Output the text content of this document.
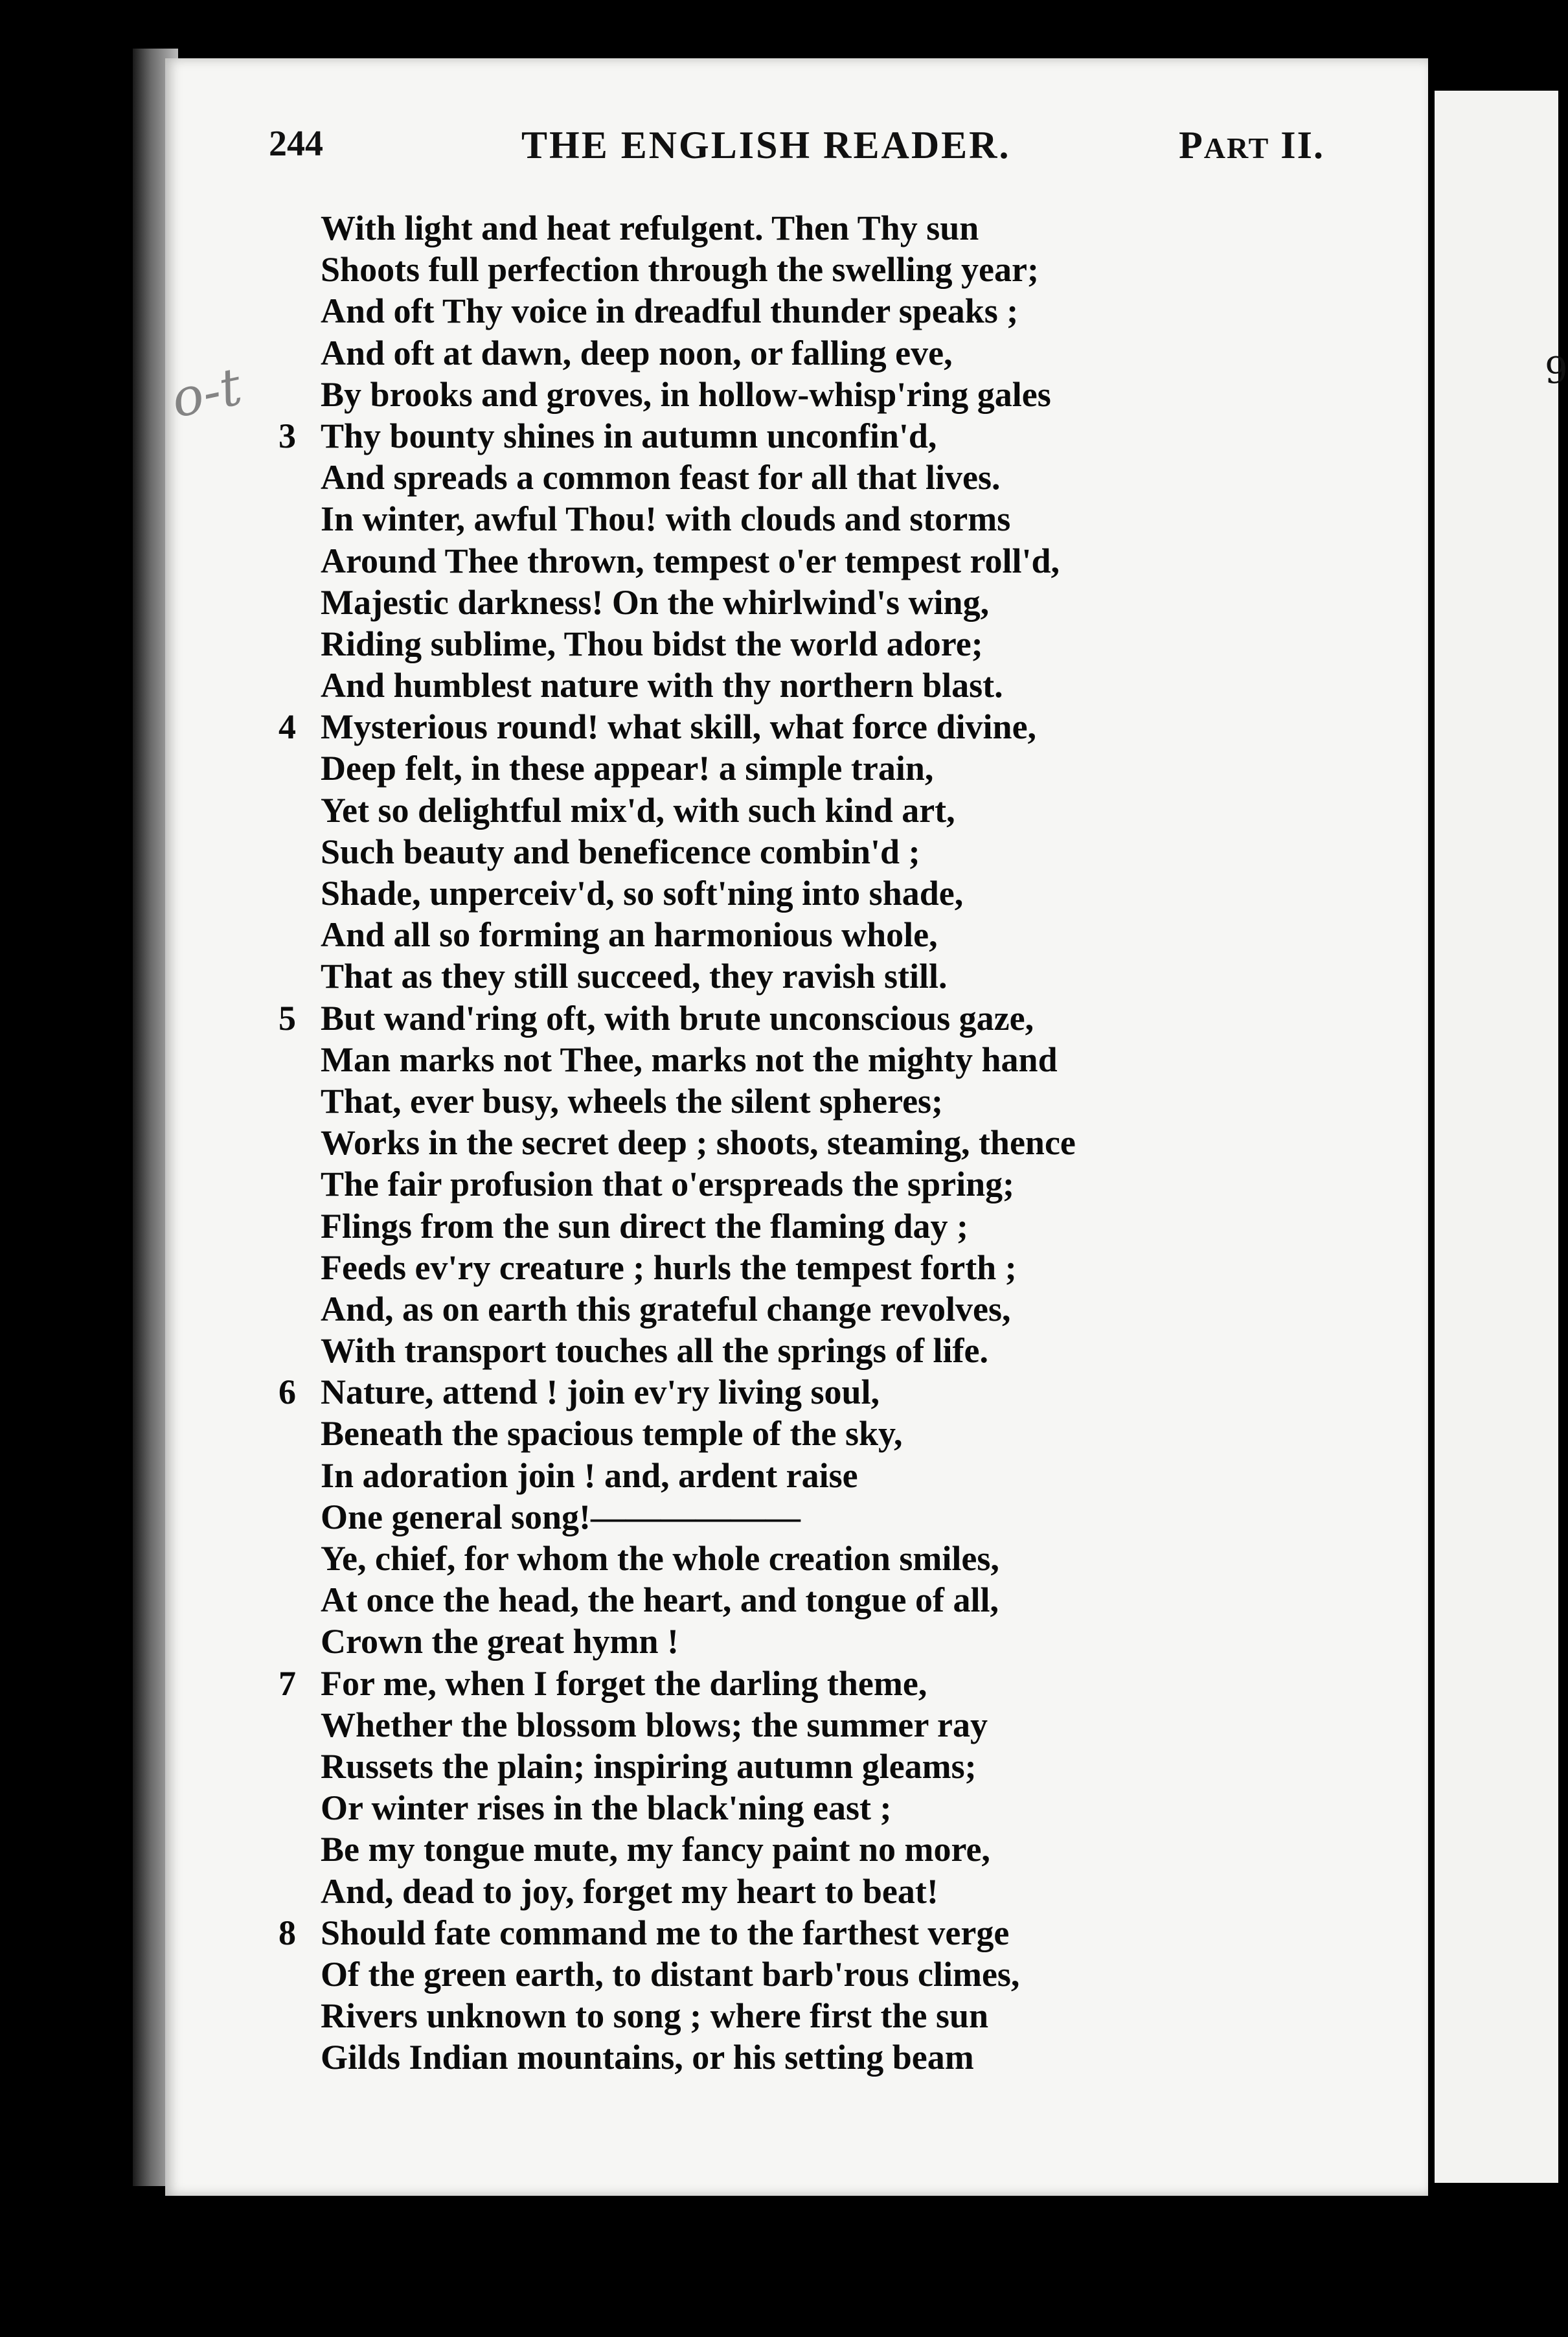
9
o-t
244	THE ENGLISH READER.	PART II.
With light and heat refulgent. Then Thy sun
Shoots full perfection through the swelling year;
And oft Thy voice in dreadful thunder speaks ;
And oft at dawn, deep noon, or falling eve,
By brooks and groves, in hollow-whisp'ring gales
3 Thy bounty shines in autumn unconfin'd,
And spreads a common feast for all that lives.
In winter, awful Thou! with clouds and storms
Around Thee thrown, tempest o'er tempest roll'd,
Majestic darkness! On the whirlwind's wing,
Riding sublime, Thou bidst the world adore;
And humblest nature with thy northern blast.
4 Mysterious round! what skill, what force divine,
Deep felt, in these appear! a simple train,
Yet so delightful mix'd, with such kind art,
Such beauty and beneficence combin'd ;
Shade, unperceiv'd, so soft'ning into shade,
And all so forming an harmonious whole,
That as they still succeed, they ravish still.
5 But wand'ring oft, with brute unconscious gaze,
Man marks not Thee, marks not the mighty hand
That, ever busy, wheels the silent spheres;
Works in the secret deep ; shoots, steaming, thence
The fair profusion that o'erspreads the spring;
Flings from the sun direct the flaming day ;
Feeds ev'ry creature ; hurls the tempest forth ;
And, as on earth this grateful change revolves,
With transport touches all the springs of life.
6 Nature, attend ! join ev'ry living soul,
Beneath the spacious temple of the sky,
In adoration join ! and, ardent raise
One general song!——————
Ye, chief, for whom the whole creation smiles,
At once the head, the heart, and tongue of all,
Crown the great hymn !
7 For me, when I forget the darling theme,
Whether the blossom blows; the summer ray
Russets the plain; inspiring autumn gleams;
Or winter rises in the black'ning east ;
Be my tongue mute, my fancy paint no more,
And, dead to joy, forget my heart to beat!
8 Should fate command me to the farthest verge
Of the green earth, to distant barb'rous climes,
Rivers unknown to song ; where first the sun
Gilds Indian mountains, or his setting beam
